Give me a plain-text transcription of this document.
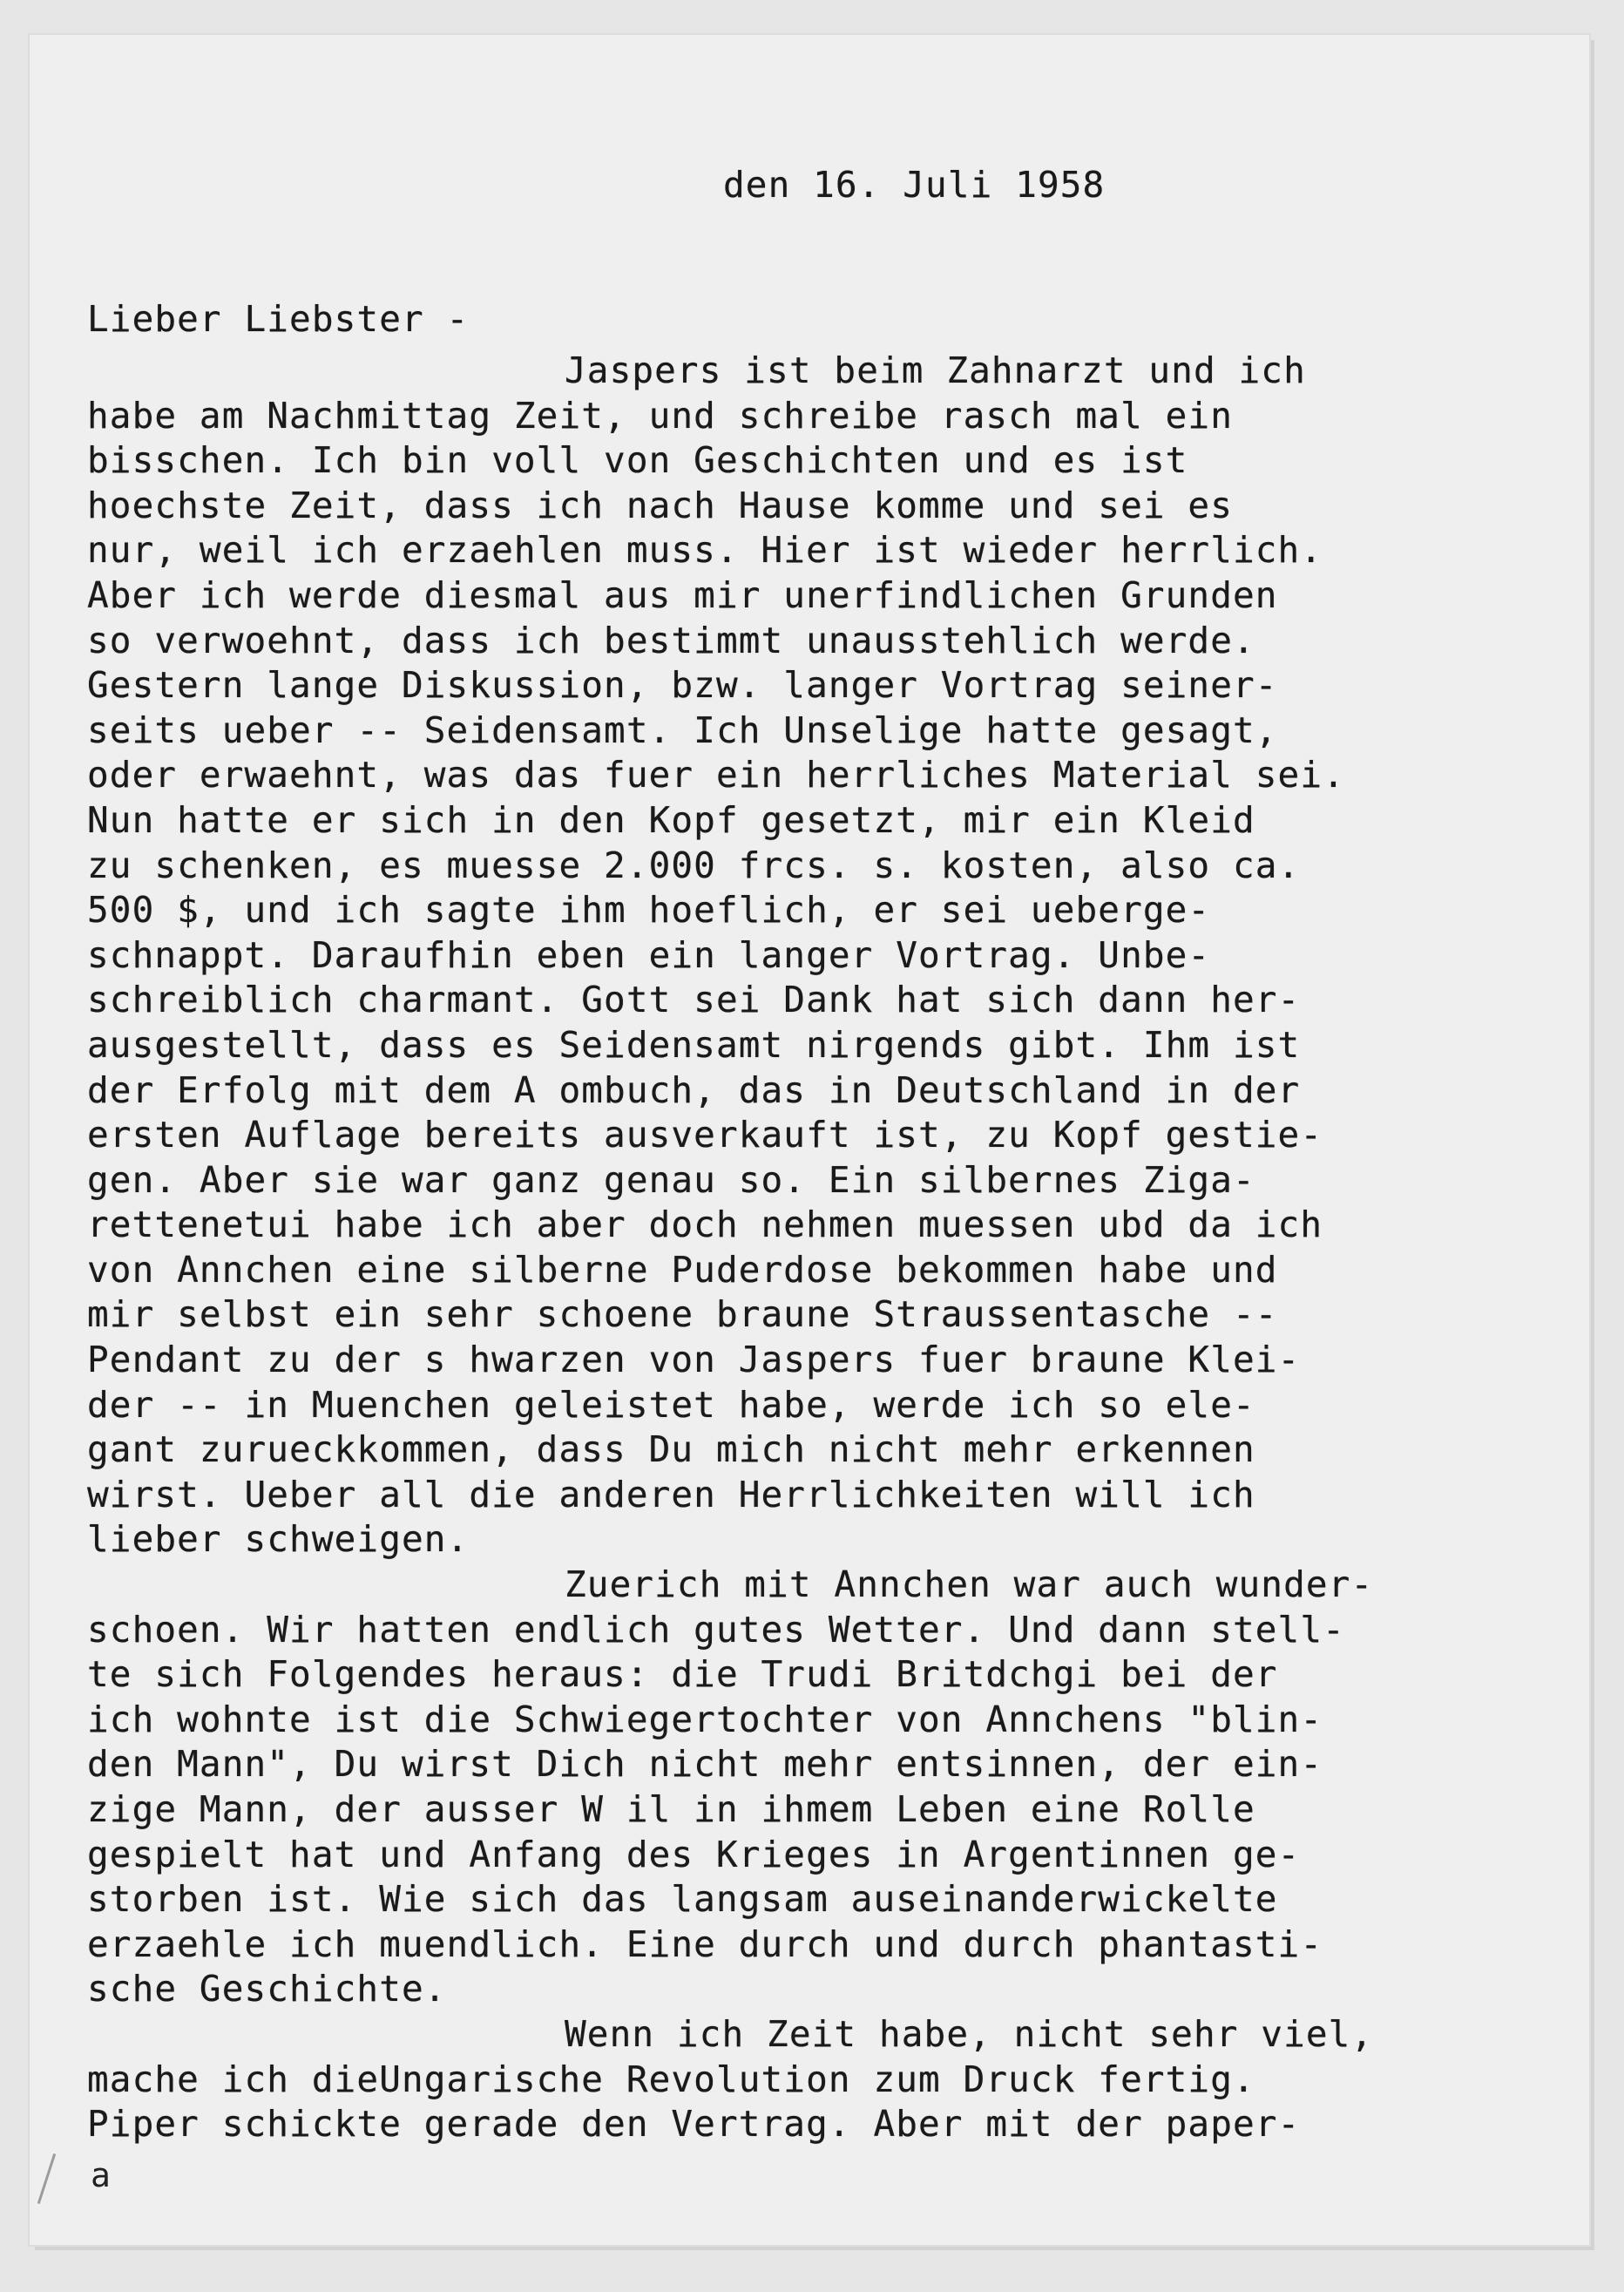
den 16. Juli 1958
Lieber Liebster -
Jaspers ist beim Zahnarzt und ich
habe am Nachmittag Zeit, und schreibe rasch mal ein
bisschen. Ich bin voll von Geschichten und es ist
hoechste Zeit, dass ich nach Hause komme und sei es
nur, weil ich erzaehlen muss. Hier ist wieder herrlich.
Aber ich werde diesmal aus mir unerfindlichen Grunden
so verwoehnt, dass ich bestimmt unausstehlich werde.
Gestern lange Diskussion, bzw. langer Vortrag seiner-
seits ueber -- Seidensamt. Ich Unselige hatte gesagt,
oder erwaehnt, was das fuer ein herrliches Material sei.
Nun hatte er sich in den Kopf gesetzt, mir ein Kleid
zu schenken, es muesse 2.000 frcs. s. kosten, also ca.
500 $, und ich sagte ihm hoeflich, er sei ueberge-
schnappt. Daraufhin eben ein langer Vortrag. Unbe-
schreiblich charmant. Gott sei Dank hat sich dann her-
ausgestellt, dass es Seidensamt nirgends gibt. Ihm ist
der Erfolg mit dem A ombuch, das in Deutschland in der
ersten Auflage bereits ausverkauft ist, zu Kopf gestie-
gen. Aber sie war ganz genau so. Ein silbernes Ziga-
rettenetui habe ich aber doch nehmen muessen ubd da ich
von Annchen eine silberne Puderdose bekommen habe und
mir selbst ein sehr schoene braune Straussentasche --
Pendant zu der s hwarzen von Jaspers fuer braune Klei-
der -- in Muenchen geleistet habe, werde ich so ele-
gant zurueckkommen, dass Du mich nicht mehr erkennen
wirst. Ueber all die anderen Herrlichkeiten will ich
lieber schweigen.
Zuerich mit Annchen war auch wunder-
schoen. Wir hatten endlich gutes Wetter. Und dann stell-
te sich Folgendes heraus: die Trudi Britdchgi bei der
ich wohnte ist die Schwiegertochter von Annchens "blin-
den Mann", Du wirst Dich nicht mehr entsinnen, der ein-
zige Mann, der ausser W il in ihmem Leben eine Rolle
gespielt hat und Anfang des Krieges in Argentinnen ge-
storben ist. Wie sich das langsam auseinanderwickelte
erzaehle ich muendlich. Eine durch und durch phantasti-
sche Geschichte.
Wenn ich Zeit habe, nicht sehr viel,
mache ich dieUngarische Revolution zum Druck fertig.
Piper schickte gerade den Vertrag. Aber mit der paper-
a
